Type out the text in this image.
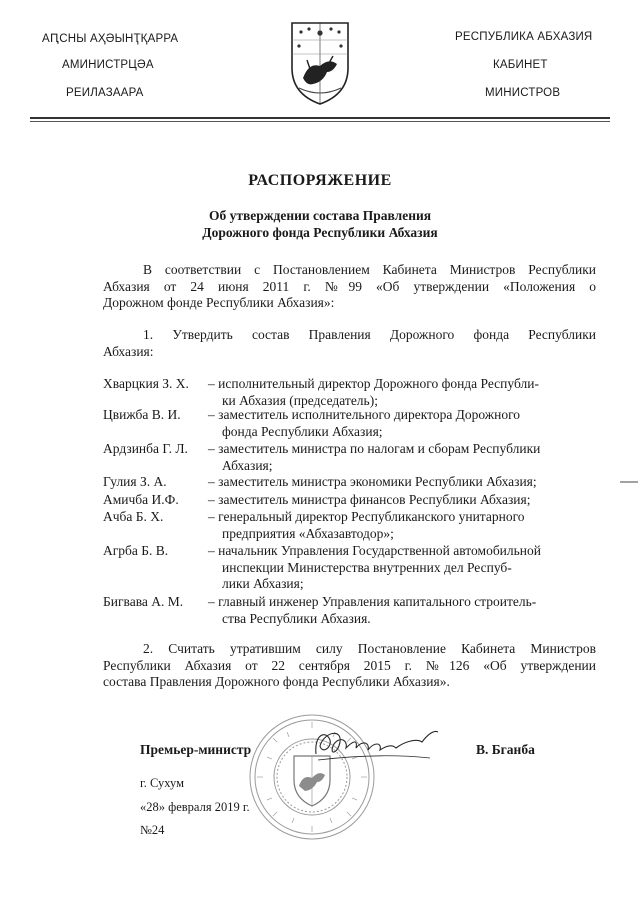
АԤСНЫ АҲӘЫНҬҚАРРА
АМИНИСТРЦӘА
РЕИЛАЗААРА
РЕСПУБЛИКА АБХАЗИЯ
КАБИНЕТ
МИНИСТРОВ
РАСПОРЯЖЕНИЕ
Об утверждении состава Правления
Дорожного фонда Республики Абхазия
В соответствии с Постановлением Кабинета Министров Республики
Абхазия от 24 июня 2011 г. №99 «Об утверждении «Положения о
Дорожном фонде Республики Абхазия»:
1. Утвердить состав Правления Дорожного фонда Республики
Абхазия:
Хварцкия З. Х. – исполнительный директор Дорожного фонда Республи-
ки Абхазия (председатель);
Цвижба В. И. – заместитель исполнительного директора Дорожного
фонда Республики Абхазия;
Ардзинба Г. Л. – заместитель министра по налогам и сборам Республики
Абхазия;
Гулия З. А.	– заместитель министра экономики Республики Абхазия;
Амичба И.Ф. – заместитель министра финансов Республики Абхазия;
Ачба Б. Х.	– генеральный директор Республиканского унитарного
предприятия «Абхазавтодор»;
Агрба Б. В.	– начальник Управления Государственной автомобильной
инспекции Министерства внутренних дел Респуб-
лики Абхазия;
Бигвава А. М. – главный инженер Управления капитального строитель-
ства Республики Абхазия.
2. Считать утратившим силу Постановление Кабинета Министров
Республики Абхазия от 22 сентября 2015 г. №126 «Об утверждении
состава Правления Дорожного фонда Республики Абхазия».
Премьер-министр	В. Бганба
г. Сухум
«28» февраля 2019 г.
№24
